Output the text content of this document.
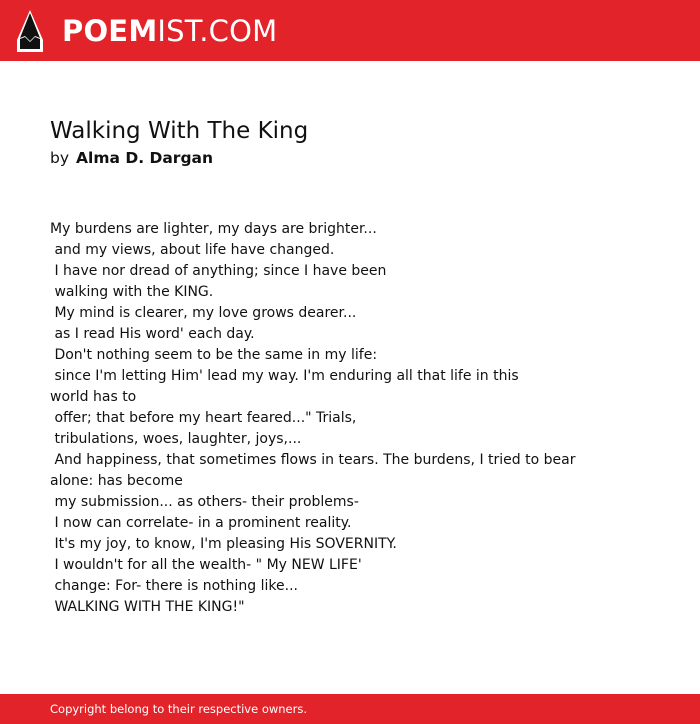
POEMIST.COM
Walking With The King
by Alma D. Dargan
My burdens are lighter, my days are brighter...
and my views, about life have changed.
I have nor dread of anything; since I have been
walking with the KING.
My mind is clearer, my love grows dearer...
as I read His word' each day.
Don't nothing seem to be the same in my life:
since I'm letting Him' lead my way. I'm enduring all that life in this
world has to
offer; that before my heart feared..." Trials,
tribulations, woes, laughter, joys,...
And happiness, that sometimes flows in tears. The burdens, I tried to bear
alone: has become
my submission... as others- their problems-
I now can correlate- in a prominent reality.
It's my joy, to know, I'm pleasing His SOVERNITY.
I wouldn't for all the wealth- " My NEW LIFE'
change: For- there is nothing like...
WALKING WITH THE KING!"
Copyright belong to their respective owners.
